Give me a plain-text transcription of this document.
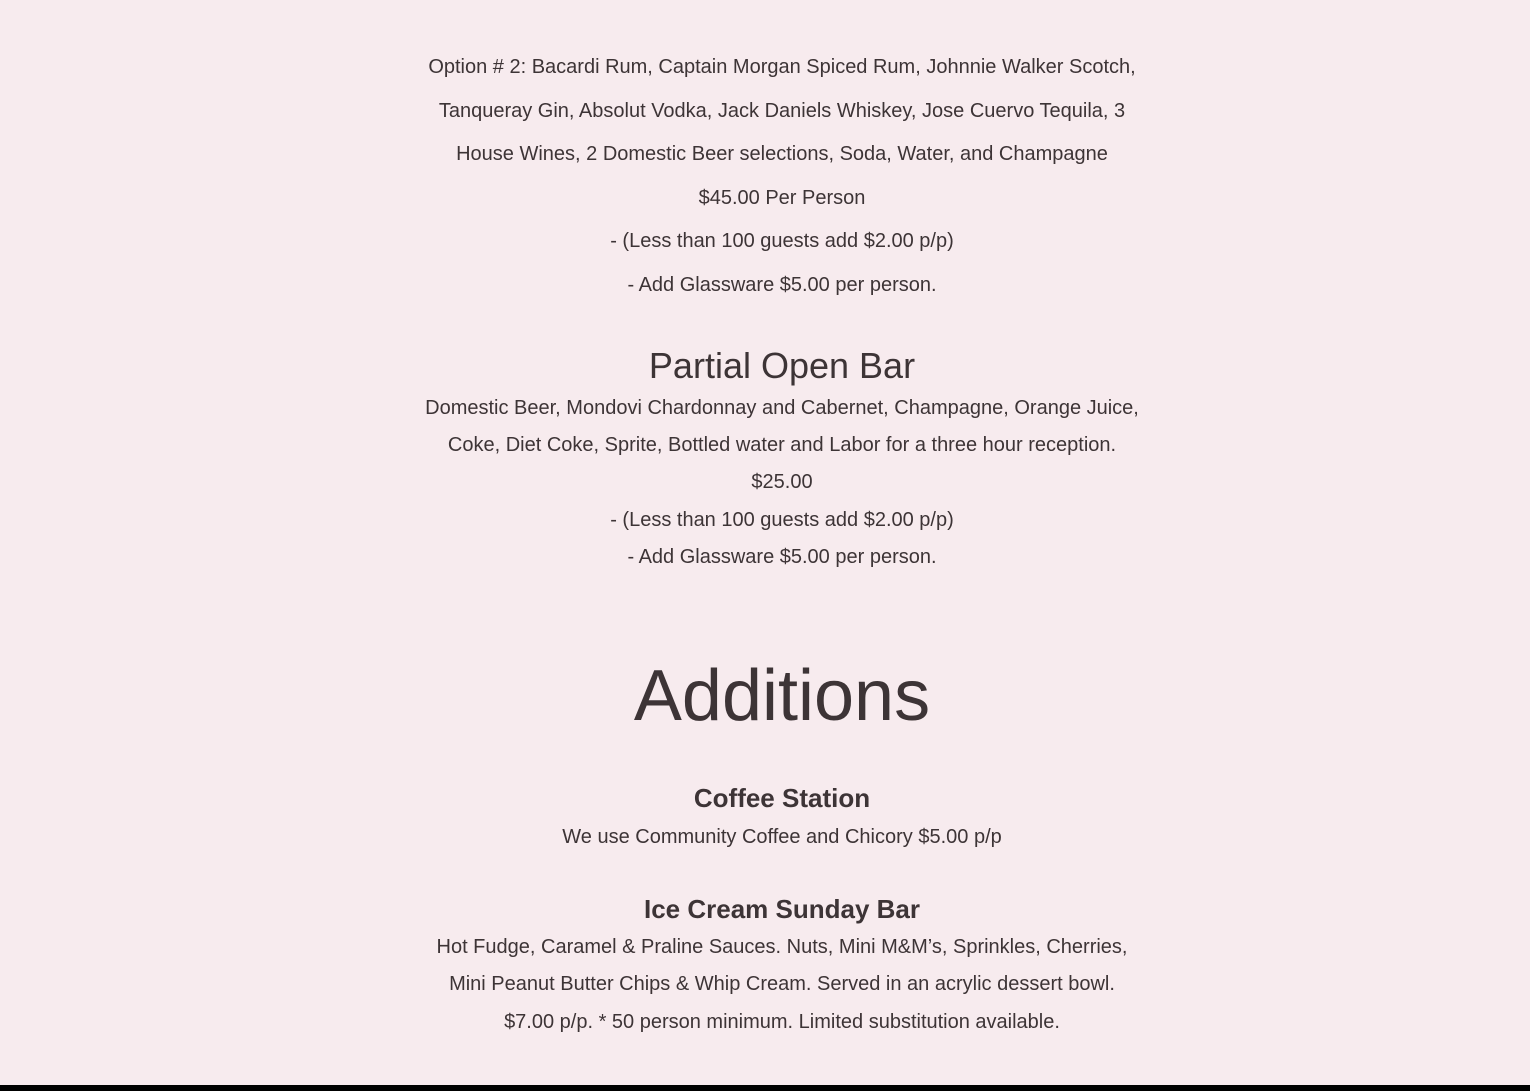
Option # 2: Bacardi Rum, Captain Morgan Spiced Rum, Johnnie Walker Scotch,
Tanqueray Gin, Absolut Vodka, Jack Daniels Whiskey, Jose Cuervo Tequila, 3
House Wines, 2 Domestic Beer selections, Soda, Water, and Champagne
$45.00 Per Person
- (Less than 100 guests add $2.00 p/p)
- Add Glassware $5.00 per person.
Partial Open Bar
Domestic Beer, Mondovi Chardonnay and Cabernet, Champagne, Orange Juice,
Coke, Diet Coke, Sprite, Bottled water and Labor for a three hour reception.
$25.00
- (Less than 100 guests add $2.00 p/p)
- Add Glassware $5.00 per person.
Additions
Coffee Station
We use Community Coffee and Chicory $5.00 p/p
Ice Cream Sunday Bar
Hot Fudge, Caramel & Praline Sauces. Nuts, Mini M&M’s, Sprinkles, Cherries,
Mini Peanut Butter Chips & Whip Cream. Served in an acrylic dessert bowl.
$7.00 p/p. * 50 person minimum. Limited substitution available.
